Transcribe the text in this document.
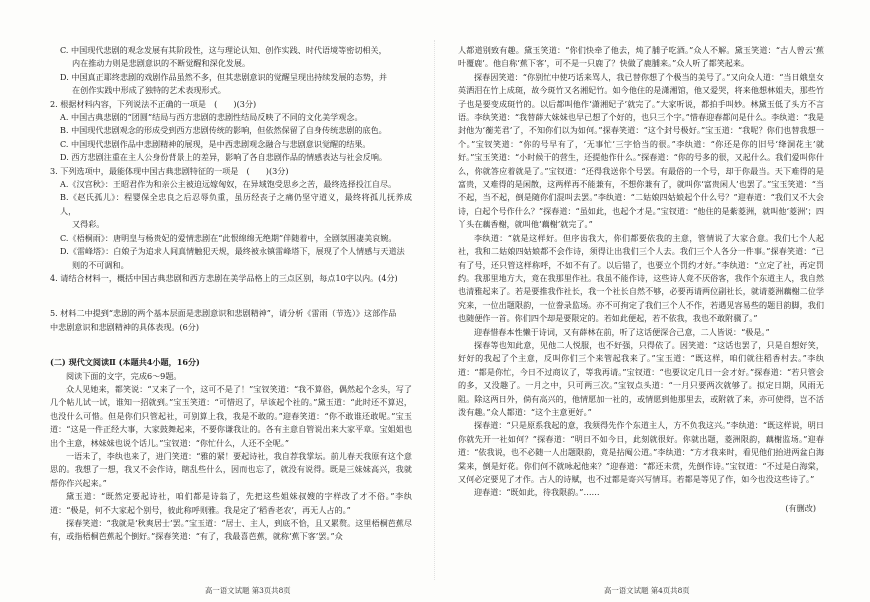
C. 中国现代悲剧的观念发展有其阶段性，这与理论认知、创作实践、时代语境等密切相关，

内在推动力则是悲剧意识的不断觉醒和深化发展。

D. 中国真正耶终悲剧的戏剧作品虽然不多，但其悲剧意识的觉醒呈现出持续发展的态势，并

在创作实践中形成了独特的艺术表现形式。

2. 根据材料内容，下列说法不正确的一项是　(　　)(3分)

A. 中国古典悲剧的“团圆”结局与西方悲剧的悲剧性结局反映了不同的文化美学观念。

B. 中国现代悲剧观念的形成受到西方悲剧传统的影响，但依然保留了自身传统悲剧的底色。

C. 中国现代悲剧作品中悲剧精神的展现，是中西悲剧观念融合与悲剧意识觉醒的结果。

D. 西方悲剧注重在主人公身份背景上的差异，影响了各自悲剧作品的情感表达与社会反响。

3. 下列选项中，最能体现中国古典悲剧特征的一项是　(　　)(3分)

A.《汉宫秋》：王昭君作为和亲公主被迫远嫁匈奴，在异域饱受思乡之苦，最终选择投江自尽。

B.《赵氏孤儿》：程婴保全忠良之后忍辱负重，虽历经丧子之痛仍坚守道义，最终将孤儿抚养成人，

又得彩。

C.《梧桐雨》：唐明皇与杨贵妃的爱情悲剧在“此恨绵绵无绝期”伴随着中，全剧氛围凄美哀婉。

D.《雷峰塔》：白娘子为追求人间真情触犯天规，最终被永镇雷峰塔下，展现了个人情感与天道法

则的不可调和。

4. 请结合材料一，概括中国古典悲剧和西方悲剧在美学品格上的三点区别，每点10字以内。(4分)

5. 材料二中提到“悲剧的两个基本层面是悲剧意识和悲剧精神”，请分析《雷雨（节选）》这部作品

中悲剧意识和悲剧精神的具体表现。(6分)

(二) 现代文阅读Ⅱ (本题共4小题，16分)

阅读下面的文字，完成6～9题。

众人见她来，都笑说：“又来了一个，这可不是了！”宝钗笑道：“我不算俗，偶然起个念头，写了几个帖儿试一试，谁知一招就到。”宝玉笑道：“可惜迟了，早该起个社的。”黛玉道：“此时还不算迟，也没什么可惜。但是你们只管起社，可别算上我，我是不敢的。”迎春笑道：“你不敢谁还敢呢。”宝玉道：“这是一件正经大事，大家鼓舞起来，不要你谦我让的。各有主意自管说出来大家平章。宝姐姐也出个主意，林妹妹也说个话儿。”宝钗道：“你忙什么，人还不全呢。”

一语未了，李纨也来了，进门笑道：“雅的紧！要起诗社，我自荐我掌坛。前儿春天我原有这个意思的。我想了一想，我又不会作诗，瞎乱些什么，因而也忘了，就没有说得。既是三妹妹高兴，我就帮你作兴起来。”

黛玉道：“既然定要起诗社，咱们都是诗翁了，先把这些姐妹叔嫂的字样改了才不俗。”李纨道：“极是，何不大家起个别号，彼此称呼则雅。我是定了‘稻香老农’，再无人占的。”

探春笑道：“我就是‘秋爽居士’罢。”宝玉道：“居士、主人，到底不恰，且又累赘。这里梧桐芭蕉尽有，或指梧桐芭蕉起个倒好。”探春笑道：“有了，我最喜芭蕉，就称‘蕉下客’罢。”众

人都道别致有趣。黛玉笑道：“你们快牵了他去，炖了脯子吃酒。”众人不解。黛玉笑道：“古人曾云‘蕉叶覆鹿’。他自称‘蕉下客’，可不是一只鹿了？快做了鹿脯来。”众人听了都笑起来。

探春因笑道：“你别忙中使巧话来骂人，我已替你想了个极当的美号了。”又向众人道：“当日娥皇女英洒泪在竹上成斑，故今斑竹又名湘妃竹。如今他住的是潇湘馆，他又爱哭，将来他想林姐夫，那些竹子也是要变成斑竹的。以后都叫他作‘潇湘妃子’就完了。”大家听说，都拍手叫妙。林黛玉低了头方不言语。李纨笑道：“我替薛大妹妹也早已想了个好的，也只三个字。”惜春迎春都问是什么。李纨道：“我是封他为‘蘅芜君’了，不知你们以为如何。”探春笑道：“这个封号极好。”宝玉道：“我呢？你们也替我想一个。”宝钗笑道：“你的号早有了，‘无事忙’三字恰当的很。”李纨道：“你还是你的旧号‘绛洞花主’就好。”宝玉笑道：“小时候干的营生，还提他作什么。”探春道：“你的号多的很，又起什么。我们爱叫你什么，你就答应着就是了。”宝钗道：“还得我送你个号罢。有最俗的一个号，却于你最当。天下难得的是富贵，又难得的是闲散，这两样再不能兼有，不想你兼有了，就叫你‘富贵闲人’也罢了。”宝玉笑道：“当不起，当不起，倒是随你们混叫去罢。”李纨道：“二姑娘四姑娘起个什么号？”迎春道：“我们又不大会诗，白起个号作什么？”探春道：“虽如此，也起个才是。”宝钗道：“他住的是紫菱洲，就叫他‘菱洲’；四丫头在藕香榭，就叫他‘藕榭’就完了。”

李纨道：“就是这样好。但序齿我大，你们都要依我的主意，管情说了大家合意。我们七个人起社，我和二姑娘四姑娘都不会作诗，须得让出我们三个人去。我们三个人各分一件事。”探春笑道：“已有了号，还只管这样称呼，不如不有了。以后错了，也要立个罚约才好。”李纨道：“立定了社，再定罚约。我那里地方大，竟在我那里作社。我虽不能作诗，这些诗人竟不厌俗客，我作个东道主人，我自然也清雅起来了。若是要推我作社长，我一个社长自然不够，必要再请两位副社长，就请菱洲藕榭二位学究来，一位出题限韵，一位誊录监场。亦不可拘定了我们三个人不作，若遇见容易些的题目韵脚，我们也随便作一首。你们四个却是要限定的。若如此便起，若不依我，我也不敢附骥了。”

迎春惜春本性懒于诗词，又有薛林在前，听了这话便深合己意，二人皆说：“极是。”

探春等也知此意，见他二人悦服，也不好强，只得依了。因笑道：“这话也罢了，只是自想好笑，好好的我起了个主意，反叫你们三个来管起我来了。”宝玉道：“既这样，咱们就往稻香村去。”李纨道：“都是你忙，今日不过商议了，等我再请。”宝钗道：“也要议定几日一会才好。”探春道：“若只管会的多，又没趣了。一月之中，只可两三次。”宝钗点头道：“一月只要两次就够了。拟定日期，风雨无阻。除这两日外，倘有高兴的，他情愿加一社的，或情愿到他那里去，或附就了来，亦可使得，岂不活泼有趣。”众人都道：“这个主意更好。”

探春道：“只是原系我起的意，我须得先作个东道主人，方不负我这兴。”李纨道：“既这样说，明日你就先开一社如何？”探春道：“明日不如今日，此刻就很好。你就出题，菱洲限韵，藕榭监场。”迎春道：“依我说，也不必随一人出题限韵，竟是拈阄公道。”李纨道：“方才我来时，看见他们抬进两盆白海棠来，倒是好花。你们何不就咏起他来？”迎春道：“都还未赏，先倒作诗。”宝钗道：“不过是白海棠，又何必定要见了才作。古人的诗赋，也不过都是寄兴写情耳。若都是等见了作，如今也没这些诗了。”

迎春道：“既如此，待我限韵。”……

(有删改)

高一语文试题 第3页共8页	高一语文试题 第4页共8页
